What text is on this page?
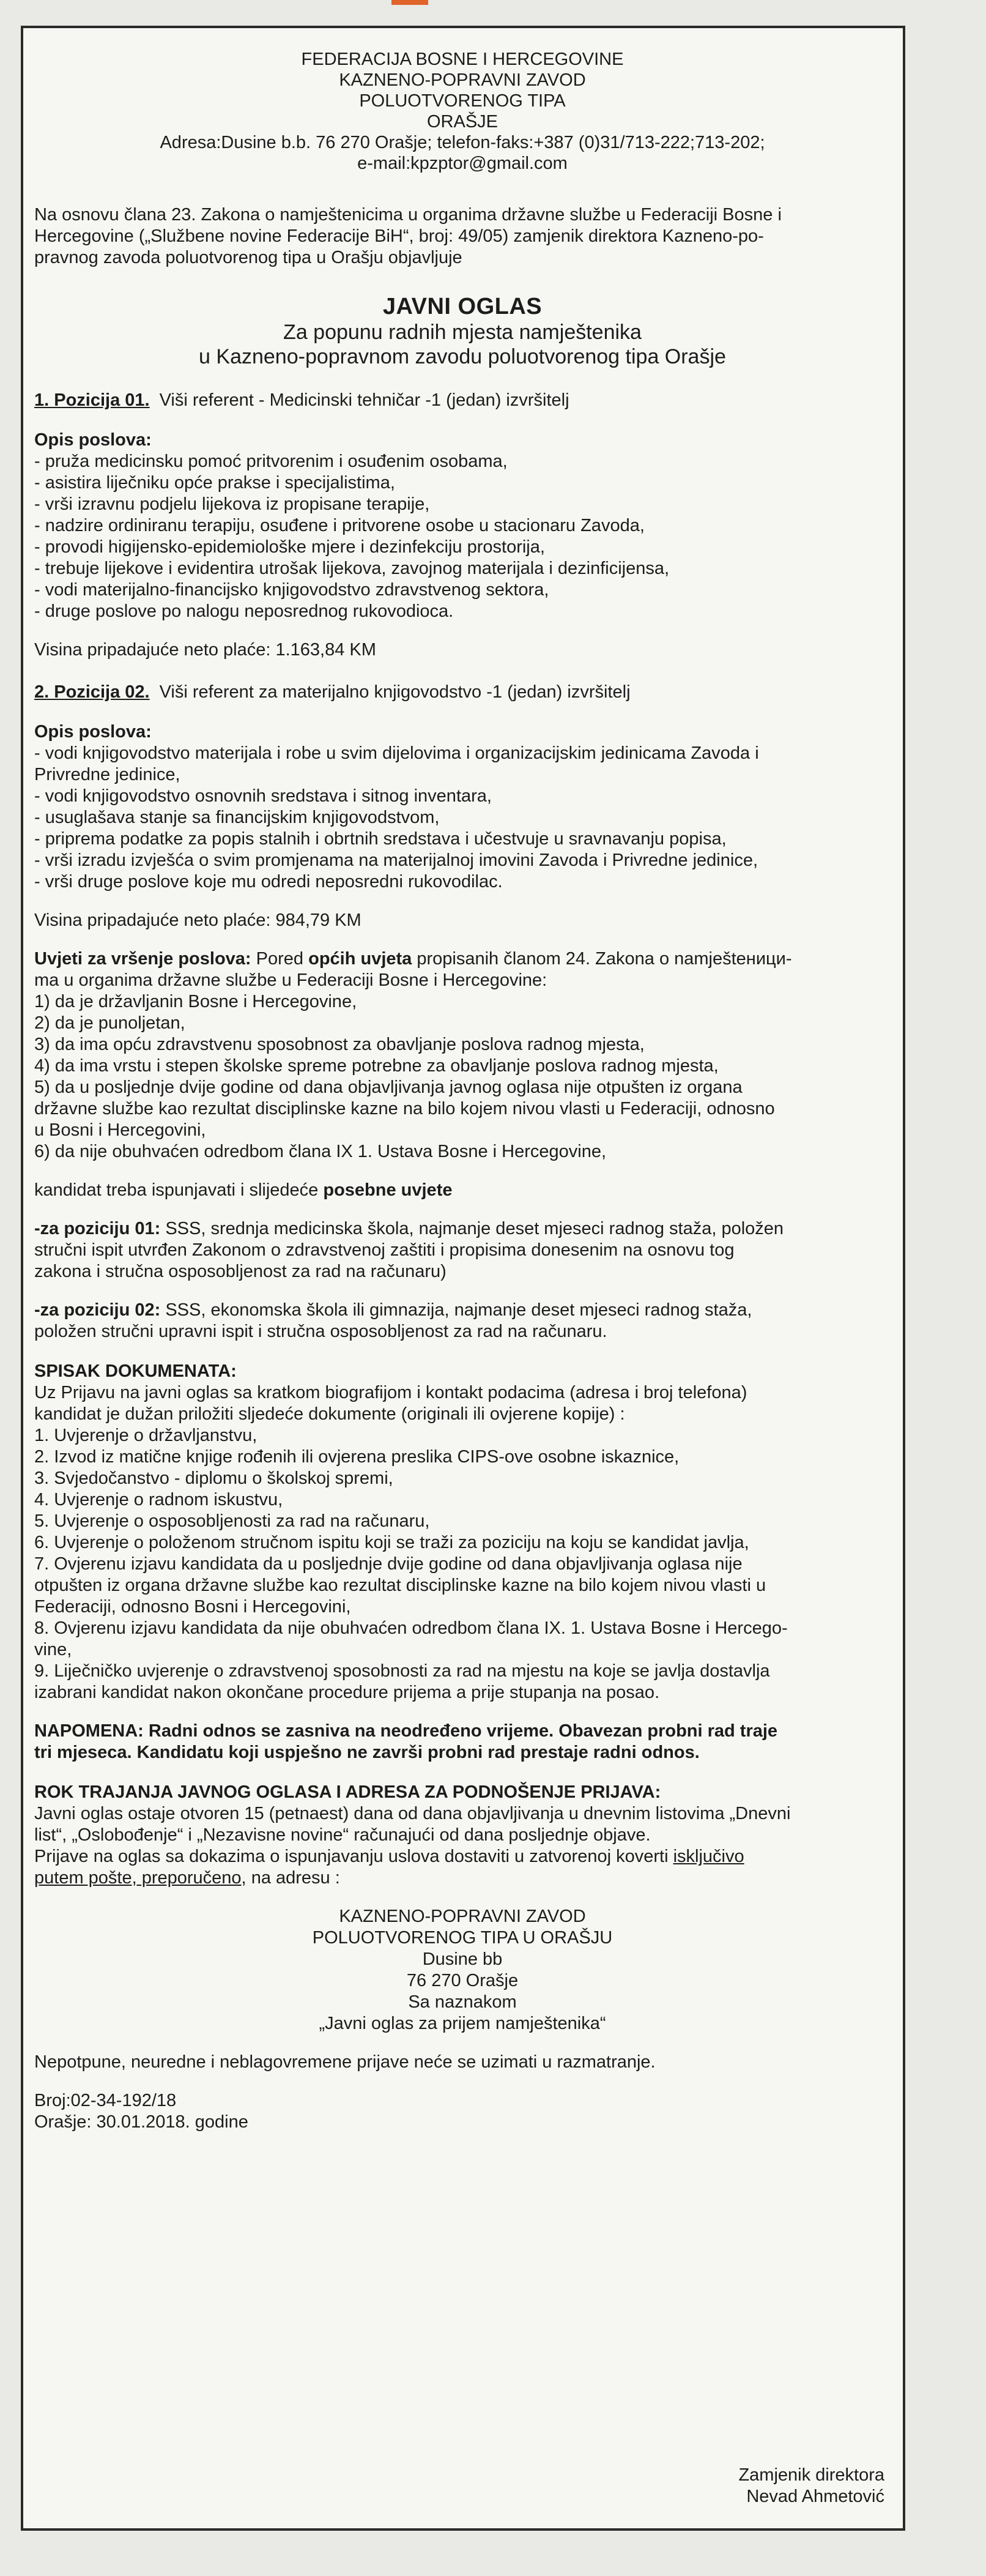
FEDERACIJA BOSNE I HERCEGOVINE
KAZNENO-POPRAVNI ZAVOD
POLUOTVORENOG TIPA
ORAŠJE
Adresa:Dusine b.b. 76 270 Orašje; telefon-faks:+387 (0)31/713-222;713-202;
e-mail:kpzptor@gmail.com
Na osnovu člana 23. Zakona o namještenicima u organima državne službe u Federaciji Bosne i
Hercegovine („Službene novine Federacije BiH“, broj: 49/05) zamjenik direktora Kazneno-po-
pravnog zavoda poluotvorenog tipa u Orašju objavljuje
JAVNI OGLAS
Za popunu radnih mjesta namještenika
u Kazneno-popravnom zavodu poluotvorenog tipa Orašje
1. Pozicija 01. Viši referent - Medicinski tehničar -1 (jedan) izvršitelj
Opis poslova:
- pruža medicinsku pomoć pritvorenim i osuđenim osobama,
- asistira liječniku opće prakse i specijalistima,
- vrši izravnu podjelu lijekova iz propisane terapije,
- nadzire ordiniranu terapiju, osuđene i pritvorene osobe u stacionaru Zavoda,
- provodi higijensko-epidemiološke mjere i dezinfekciju prostorija,
- trebuje lijekove i evidentira utrošak lijekova, zavojnog materijala i dezinficijensa,
- vodi materijalno-financijsko knjigovodstvo zdravstvenog sektora,
- druge poslove po nalogu neposrednog rukovodioca.
Visina pripadajuće neto plaće: 1.163,84 KM
2. Pozicija 02. Viši referent za materijalno knjigovodstvo -1 (jedan) izvršitelj
Opis poslova:
- vodi knjigovodstvo materijala i robe u svim dijelovima i organizacijskim jedinicama Zavoda i
Privredne jedinice,
- vodi knjigovodstvo osnovnih sredstava i sitnog inventara,
- usuglašava stanje sa financijskim knjigovodstvom,
- priprema podatke za popis stalnih i obrtnih sredstava i učestvuje u sravnavanju popisa,
- vrši izradu izvješća o svim promjenama na materijalnoj imovini Zavoda i Privredne jedinice,
- vrši druge poslove koje mu odredi neposredni rukovodilac.
Visina pripadajuće neto plaće: 984,79 KM
Uvjeti za vršenje poslova: Pored općih uvjeta propisanih članom 24. Zakona o namješteници-
ma u organima državne službe u Federaciji Bosne i Hercegovine:
1) da je državljanin Bosne i Hercegovine,
2) da je punoljetan,
3) da ima opću zdravstvenu sposobnost za obavljanje poslova radnog mjesta,
4) da ima vrstu i stepen školske spreme potrebne za obavljanje poslova radnog mjesta,
5) da u posljednje dvije godine od dana objavljivanja javnog oglasa nije otpušten iz organa
državne službe kao rezultat disciplinske kazne na bilo kojem nivou vlasti u Federaciji, odnosno
u Bosni i Hercegovini,
6) da nije obuhvaćen odredbom člana IX 1. Ustava Bosne i Hercegovine,
kandidat treba ispunjavati i slijedeće posebne uvjete
-za poziciju 01: SSS, srednja medicinska škola, najmanje deset mjeseci radnog staža, položen
stručni ispit utvrđen Zakonom o zdravstvenoj zaštiti i propisima donesenim na osnovu tog
zakona i stručna osposobljenost za rad na računaru)
-za poziciju 02: SSS, ekonomska škola ili gimnazija, najmanje deset mjeseci radnog staža,
položen stručni upravni ispit i stručna osposobljenost za rad na računaru.
SPISAK DOKUMENATA:
Uz Prijavu na javni oglas sa kratkom biografijom i kontakt podacima (adresa i broj telefona)
kandidat je dužan priložiti sljedeće dokumente (originali ili ovjerene kopije) :
1. Uvjerenje o državljanstvu,
2. Izvod iz matične knjige rođenih ili ovjerena preslika CIPS-ove osobne iskaznice,
3. Svjedočanstvo - diplomu o školskoj spremi,
4. Uvjerenje o radnom iskustvu,
5. Uvjerenje o osposobljenosti za rad na računaru,
6. Uvjerenje o položenom stručnom ispitu koji se traži za poziciju na koju se kandidat javlja,
7. Ovjerenu izjavu kandidata da u posljednje dvije godine od dana objavljivanja oglasa nije
otpušten iz organa državne službe kao rezultat disciplinske kazne na bilo kojem nivou vlasti u
Federaciji, odnosno Bosni i Hercegovini,
8. Ovjerenu izjavu kandidata da nije obuhvaćen odredbom člana IX. 1. Ustava Bosne i Hercego-
vine,
9. Liječničko uvjerenje o zdravstvenoj sposobnosti za rad na mjestu na koje se javlja dostavlja
izabrani kandidat nakon okončane procedure prijema a prije stupanja na posao.
NAPOMENA: Radni odnos se zasniva na neodređeno vrijeme. Obavezan probni rad traje
tri mjeseca. Kandidatu koji uspješno ne završi probni rad prestaje radni odnos.
ROK TRAJANJA JAVNOG OGLASA I ADRESA ZA PODNOŠENJE PRIJAVA:
Javni oglas ostaje otvoren 15 (petnaest) dana od dana objavljivanja u dnevnim listovima „Dnevni
list“, „Oslobođenje“ i „Nezavisne novine“ računajući od dana posljednje objave.
Prijave na oglas sa dokazima o ispunjavanju uslova dostaviti u zatvorenoj koverti isključivo
putem pošte, preporučeno, na adresu :
KAZNENO-POPRAVNI ZAVOD
POLUOTVORENOG TIPA U ORAŠJU
Dusine bb
76 270 Orašje
Sa naznakom
„Javni oglas za prijem namještenika“
Nepotpune, neuredne i neblagovremene prijave neće se uzimati u razmatranje.
Broj:02-34-192/18
Orašje: 30.01.2018. godine
Zamjenik direktora
Nevad Ahmetović
